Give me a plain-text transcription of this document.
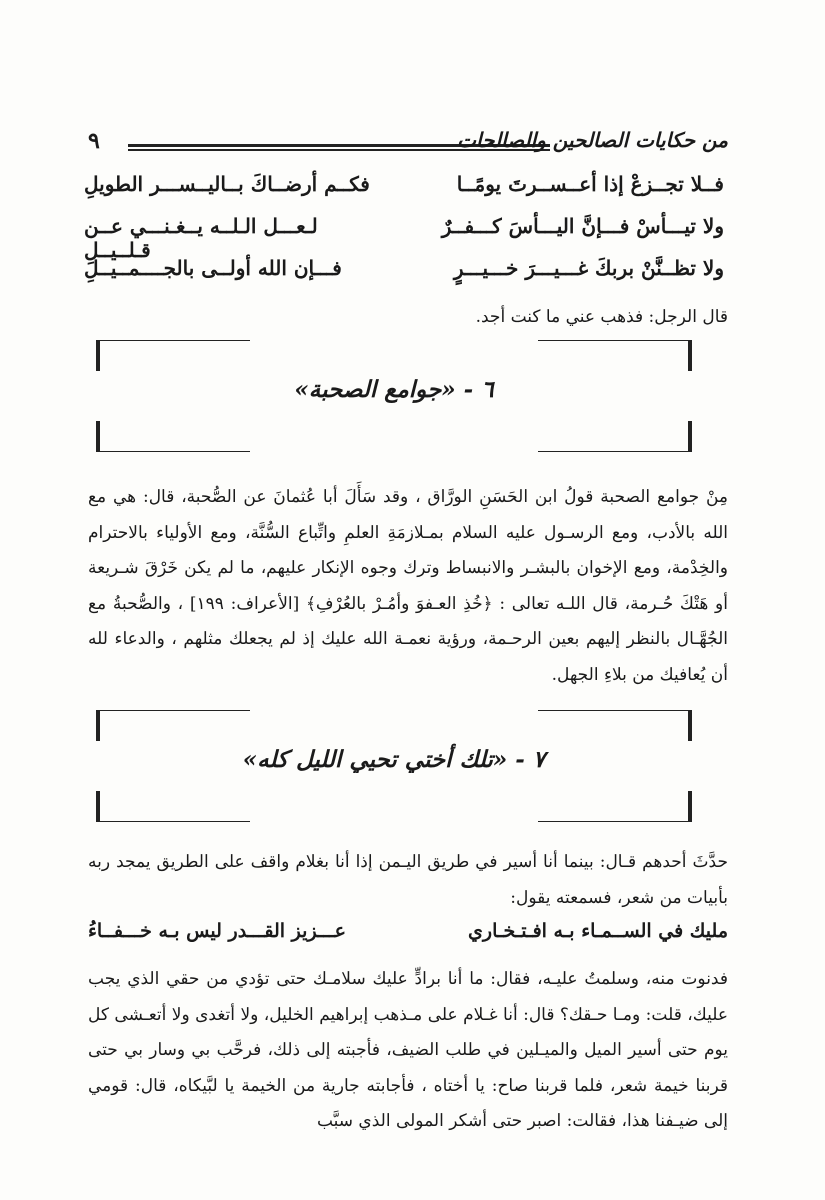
٩	من حكايات الصالحين والصالحات
فــلا تجــزعْ إذا أعــســرتَ يومًــا
فكــم أرضــاكَ بــاليــســـر الطويلِ
ولا تيـــأسْ فـــإنَّ اليـــأسَ كـــفــرٌ
لـعـــل الـلــه يــغـنـــي عــن قـلــيــلِ
ولا تظــنَّنْ بربكَ غـــيـــرَ خـــيـــرٍ
فـــإن الله أولــى بالجــــمــيــلِ
قال الرجل: فذهب عني ما كنت أجد.
٦ - «جوامع الصحبة»
مِنْ جوامع الصحبة قولُ ابن الحَسَنِ الورَّاق ، وقد سَأَلَ أبا عُثمانَ عن الصُّحبة، قال: هي مع الله بالأدب، ومع الرسـول عليه السلام بمـلازمَةِ العلمِ واتِّباع السُّنَّة، ومع الأولياء بالاحترام والخِدْمة، ومع الإخوان بالبشـر والانبساط وترك وجوه الإنكار عليهم، ما لم يكن خَرْقَ شـريعة أو هَتْكَ حُـرمة، قال اللـه تعالى : ﴿خُذِ العـفوَ وأمُـرْ بالعُرْفِ﴾ [الأعراف: ١٩٩] ، والصُّحبةُ مع الجُهَّـال بالنظر إليهم بعين الرحـمة، ورؤية نعمـة الله عليك إذ لم يجعلك مثلهم ، والدعاء لله أن يُعافيك من بلاءِ الجهل.
٧ - «تلك أختي تحيي الليل كله»
حدَّثَ أحدهم قـال: بينما أنا أسير في طريق اليـمن إذا أنا بغلام واقف على الطريق يمجد ربه بأبيات من شعر، فسمعته يقول:
مليك في الســمـاء بـه افـتـخـاري
عـــزيز القـــدر ليس بـه خـــفــاءُ
فدنوت منه، وسلمتُ عليـه، فقال: ما أنا برادٍّ عليك سلامـك حتى تؤدي من حقي الذي يجب عليك، قلت: ومـا حـقك؟ قال: أنا غـلام على مـذهب إبراهيم الخليل، ولا أتغدى ولا أتعـشى كل يوم حتى أسير الميل والميـلين في طلب الضيف، فأجبته إلى ذلك، فرحَّب بي وسار بي حتى قربنا خيمة شعر، فلما قربنا صاح: يا أختاه ، فأجابته جارية من الخيمة يا لبَّيكاه، قال: قومي إلى ضيـفنا هذا، فقالت: اصبر حتى أشكر المولى الذي سبَّب
